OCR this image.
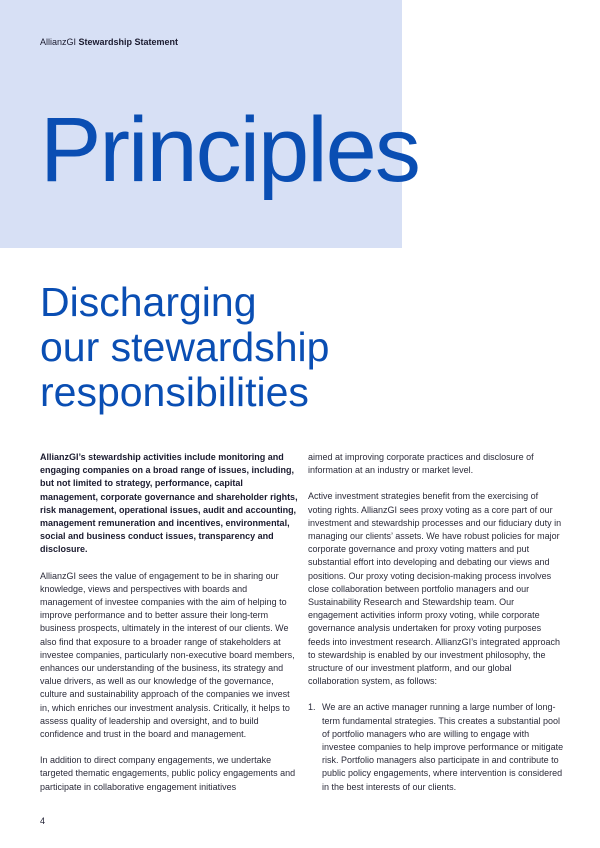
AllianzGI Stewardship Statement
Principles
Discharging
our stewardship
responsibilities

AllianzGI’s stewardship activities include monitoring and engaging companies on a broad range of issues, including, but not limited to strategy, performance, capital management, corporate governance and shareholder rights, risk management, operational issues, audit and accounting, management remuneration and incentives, environmental, social and business conduct issues, transparency and disclosure.

AllianzGI sees the value of engagement to be in sharing our knowledge, views and perspectives with boards and management of investee companies with the aim of helping to improve performance and to better assure their long-term business prospects, ultimately in the interest of our clients. We also find that exposure to a broader range of stakeholders at investee companies, particularly non-executive board members, enhances our understanding of the business, its strategy and value drivers, as well as our knowledge of the governance, culture and sustainability approach of the companies we invest in, which enriches our investment analysis. Critically, it helps to assess quality of leadership and oversight, and to build confidence and trust in the board and management.

In addition to direct company engagements, we undertake targeted thematic engagements, public policy engagements and participate in collaborative engagement initiatives

aimed at improving corporate practices and disclosure of information at an industry or market level.

Active investment strategies benefit from the exercising of voting rights. AllianzGI sees proxy voting as a core part of our investment and stewardship processes and our fiduciary duty in managing our clients’ assets. We have robust policies for major corporate governance and proxy voting matters and put substantial effort into developing and debating our views and positions. Our proxy voting decision-making process involves close collaboration between portfolio managers and our Sustainability Research and Stewardship team. Our engagement activities inform proxy voting, while corporate governance analysis undertaken for proxy voting purposes feeds into investment research. AllianzGI’s integrated approach to stewardship is enabled by our investment philosophy, the structure of our investment platform, and our global collaboration system, as follows:

1. We are an active manager running a large number of long-term fundamental strategies. This creates a substantial pool of portfolio managers who are willing to engage with investee companies to help improve performance or mitigate risk. Portfolio managers also participate in and contribute to public policy engagements, where intervention is considered in the best interests of our clients.
4
